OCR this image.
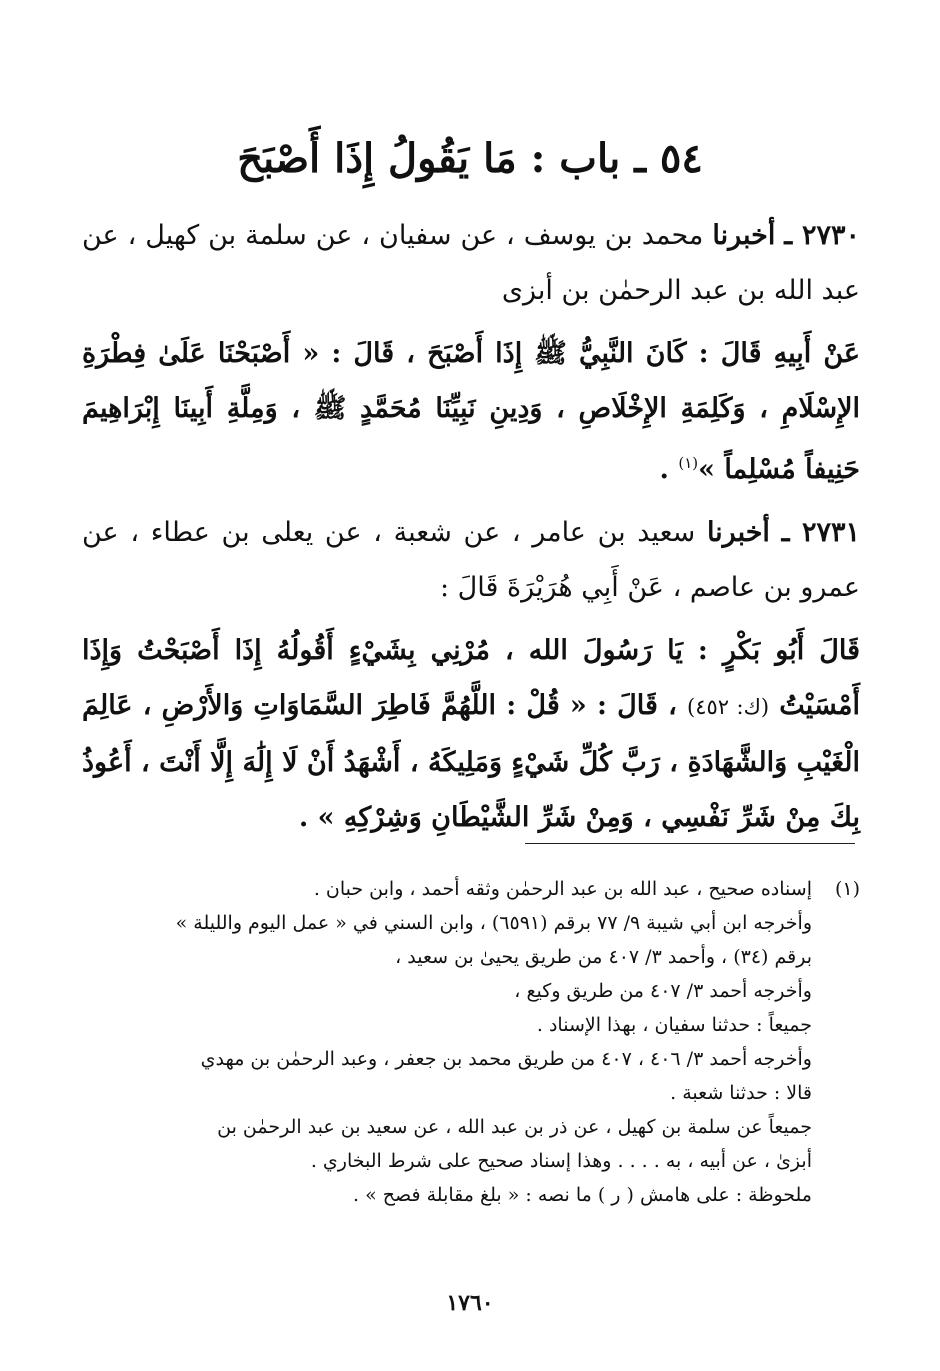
٥٤ ـ باب : مَا يَقُولُ إِذَا أَصْبَحَ

٢٧٣٠ ـ أخبرنا محمد بن يوسف ، عن سفيان ، عن سلمة بن كهيل ، عن عبد الله بن عبد الرحمٰن بن أبزى

عَنْ أَبِيهِ قَالَ : كَانَ النَّبِيُّ ﷺ إِذَا أَصْبَحَ ، قَالَ : « أَصْبَحْنَا عَلَىٰ فِطْرَةِ الإِسْلَامِ ، وَكَلِمَةِ الإِخْلَاصِ ، وَدِينِ نَبِيِّنَا مُحَمَّدٍ ﷺ ، وَمِلَّةِ أَبِينَا إِبْرَاهِيمَ حَنِيفاً مُسْلِماً »$^{(١)}$ .

٢٧٣١ ـ أخبرنا سعيد بن عامر ، عن شعبة ، عن يعلى بن عطاء ، عن عمرو بن عاصم ، عَنْ أَبِي هُرَيْرَةَ قَالَ :

قَالَ أَبُو بَكْرٍ : يَا رَسُولَ الله ، مُرْنِي بِشَيْءٍ أَقُولُهُ إِذَا أَصْبَحْتُ وَإِذَا أَمْسَيْتُ (ك: ٤٥٢) ، قَالَ : « قُلْ : اللَّهُمَّ فَاطِرَ السَّمَاوَاتِ وَالأَرْضِ ، عَالِمَ الْغَيْبِ وَالشَّهَادَةِ ، رَبَّ كُلِّ شَيْءٍ وَمَلِيكَهُ ، أَشْهَدُ أَنْ لَا إِلَٰهَ إِلَّا أَنْتَ ، أَعُوذُ بِكَ مِنْ شَرِّ نَفْسِي ، وَمِنْ شَرِّ الشَّيْطَانِ وَشِرْكِهِ » .

(١)
إسناده صحيح ، عبد الله بن عبد الرحمٰن وثقه أحمد ، وابن حبان .
وأخرجه ابن أبي شيبة ٩/ ٧٧ برقم (٦٥٩١) ، وابن السني في « عمل اليوم والليلة »
برقم (٣٤) ، وأحمد ٣/ ٤٠٧ من طريق يحيىٰ بن سعيد ،
وأخرجه أحمد ٣/ ٤٠٧ من طريق وكيع ،
جميعاً : حدثنا سفيان ، بهذا الإسناد .
وأخرجه أحمد ٣/ ٤٠٦ ، ٤٠٧ من طريق محمد بن جعفر ، وعبد الرحمٰن بن مهدي
قالا : حدثنا شعبة .
جميعاً عن سلمة بن كهيل ، عن ذر بن عبد الله ، عن سعيد بن عبد الرحمٰن بن
أبزىٰ ، عن أبيه ، به . . . . وهذا إسناد صحيح على شرط البخاري .
ملحوظة : على هامش ( ر ) ما نصه : « بلغ مقابلة فصح » .
١٧٦٠
